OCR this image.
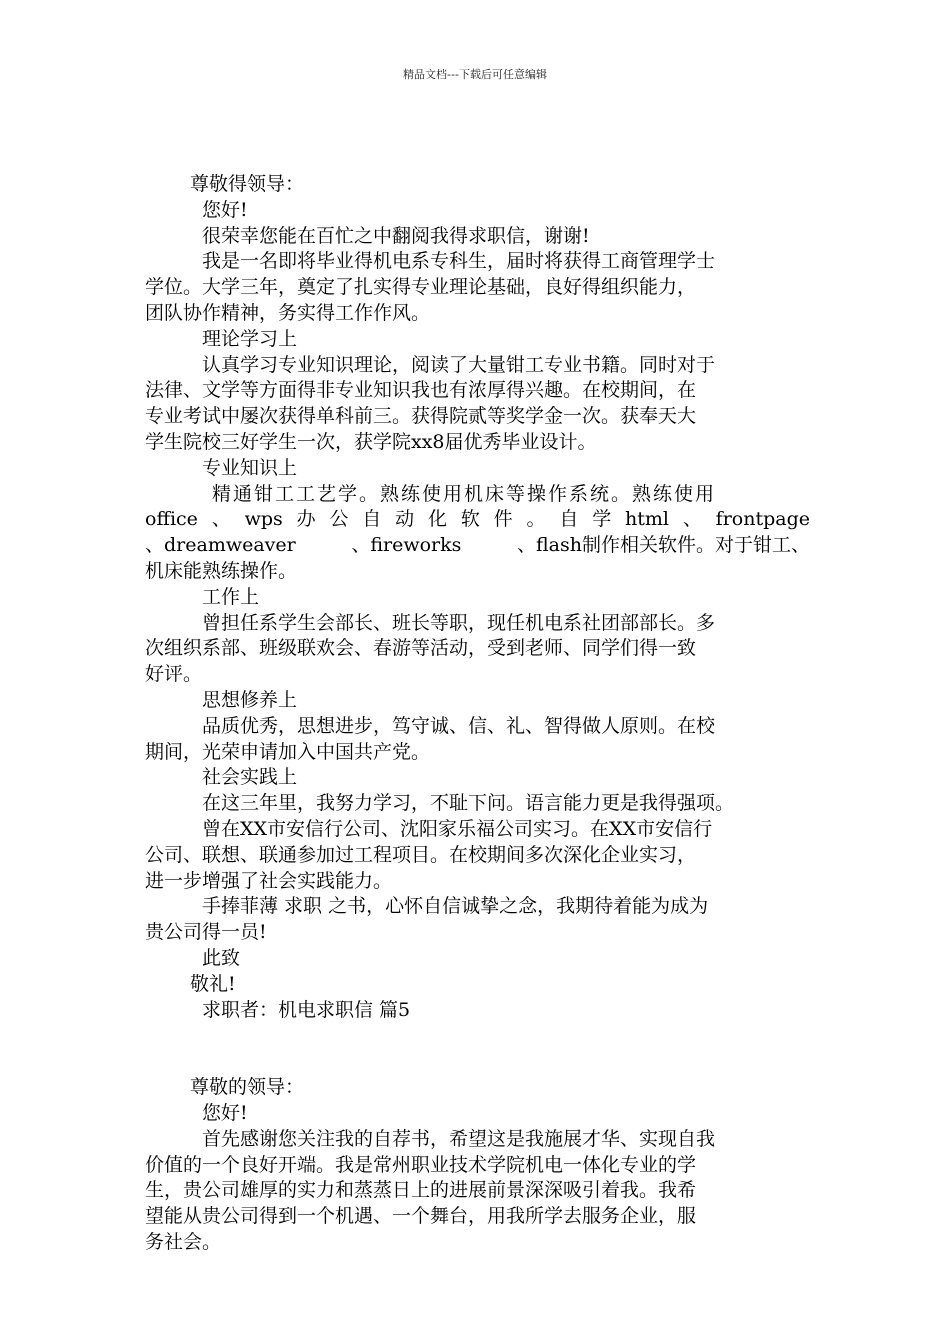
精品文档---下载后可任意编辑
尊敬得领导：
您好!
很荣幸您能在百忙之中翻阅我得求职信，谢谢!
我是一名即将毕业得机电系专科生，届时将获得工商管理学士
学位。大学三年，奠定了扎实得专业理论基础，良好得组织能力，
团队协作精神，务实得工作作风。
理论学习上
认真学习专业知识理论，阅读了大量钳工专业书籍。同时对于
法律、文学等方面得非专业知识我也有浓厚得兴趣。在校期间，在
专业考试中屡次获得单科前三。获得院贰等奖学金一次。获奉天大
学生院校三好学生一次，获学院xx8届优秀毕业设计。
专业知识上
精通钳工工艺学。熟练使用机床等操作系统。熟练使用
office 、 wps 办 公 自 动 化 软 件 。 自 学 html 、 frontpage
、dreamweaver	、fireworks	、flash制作相关软件。对于钳工、
机床能熟练操作。
工作上
曾担任系学生会部长、班长等职，现任机电系社团部部长。多
次组织系部、班级联欢会、春游等活动，受到老师、同学们得一致
好评。
思想修养上
品质优秀，思想进步，笃守诚、信、礼、智得做人原则。在校
期间，光荣申请加入中国共产党。
社会实践上
在这三年里，我努力学习，不耻下问。语言能力更是我得强项。
曾在XX市安信行公司、沈阳家乐福公司实习。在XX市安信行
公司、联想、联通参加过工程项目。在校期间多次深化企业实习，
进一步增强了社会实践能力。
手捧菲薄 求职 之书，心怀自信诚挚之念，我期待着能为成为
贵公司得一员!
此致
敬礼!
求职者：机电求职信 篇5
尊敬的领导：
您好!
首先感谢您关注我的自荐书，希望这是我施展才华、实现自我
价值的一个良好开端。我是常州职业技术学院机电一体化专业的学
生，贵公司雄厚的实力和蒸蒸日上的进展前景深深吸引着我。我希
望能从贵公司得到一个机遇、一个舞台，用我所学去服务企业，服
务社会。
